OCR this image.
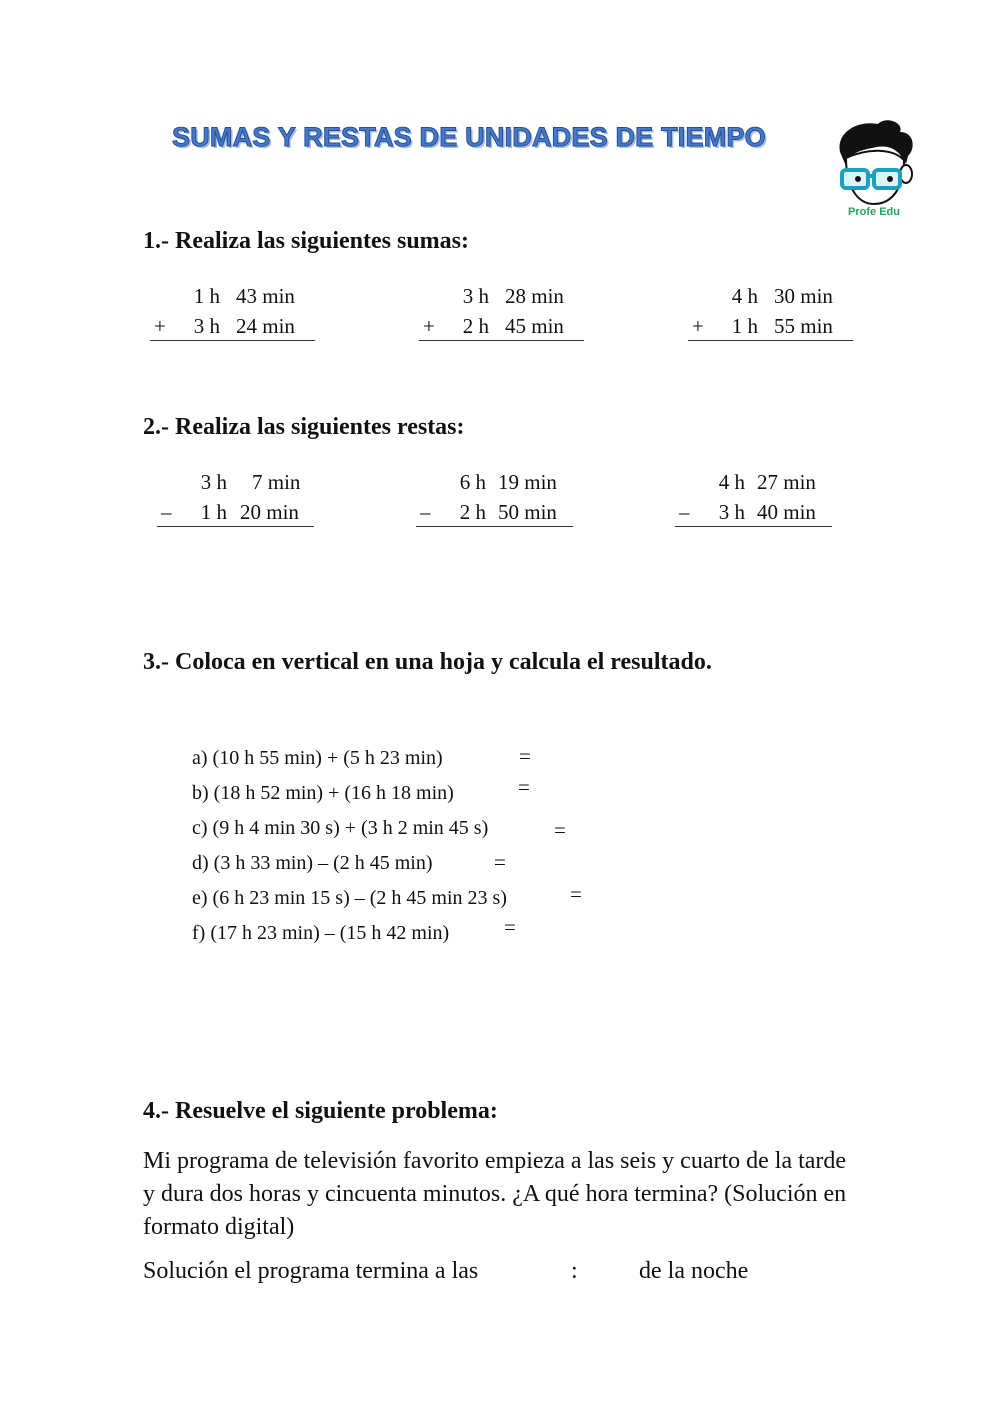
SUMAS Y RESTAS DE UNIDADES DE TIEMPO
Profe Edu
1.- Realiza las siguientes sumas:
1 h 43 min
+ 3 h 24 min
3 h 28 min
+ 2 h 45 min
4 h 30 min
+ 1 h 55 min
2.- Realiza las siguientes restas:
3 h 7 min
– 1 h 20 min
6 h 19 min
– 2 h 50 min
4 h 27 min
– 3 h 40 min
3.- Coloca en vertical en una hoja y calcula el resultado.
a) (10 h 55 min) + (5 h 23 min)	=
b) (18 h 52 min) + (16 h 18 min)	=
c) (9 h 4 min 30 s) + (3 h 2 min 45 s)	=
d) (3 h 33 min) – (2 h 45 min)	=
e) (6 h 23 min 15 s) – (2 h 45 min 23 s)	=
f) (17 h 23 min) – (15 h 42 min)	=
4.- Resuelve el siguiente problema:
Mi programa de televisión favorito empieza a las seis y cuarto de la tarde y dura dos horas y cincuenta minutos. ¿A qué hora termina? (Solución en formato digital)
Solución el programa termina a las	:	de la noche
